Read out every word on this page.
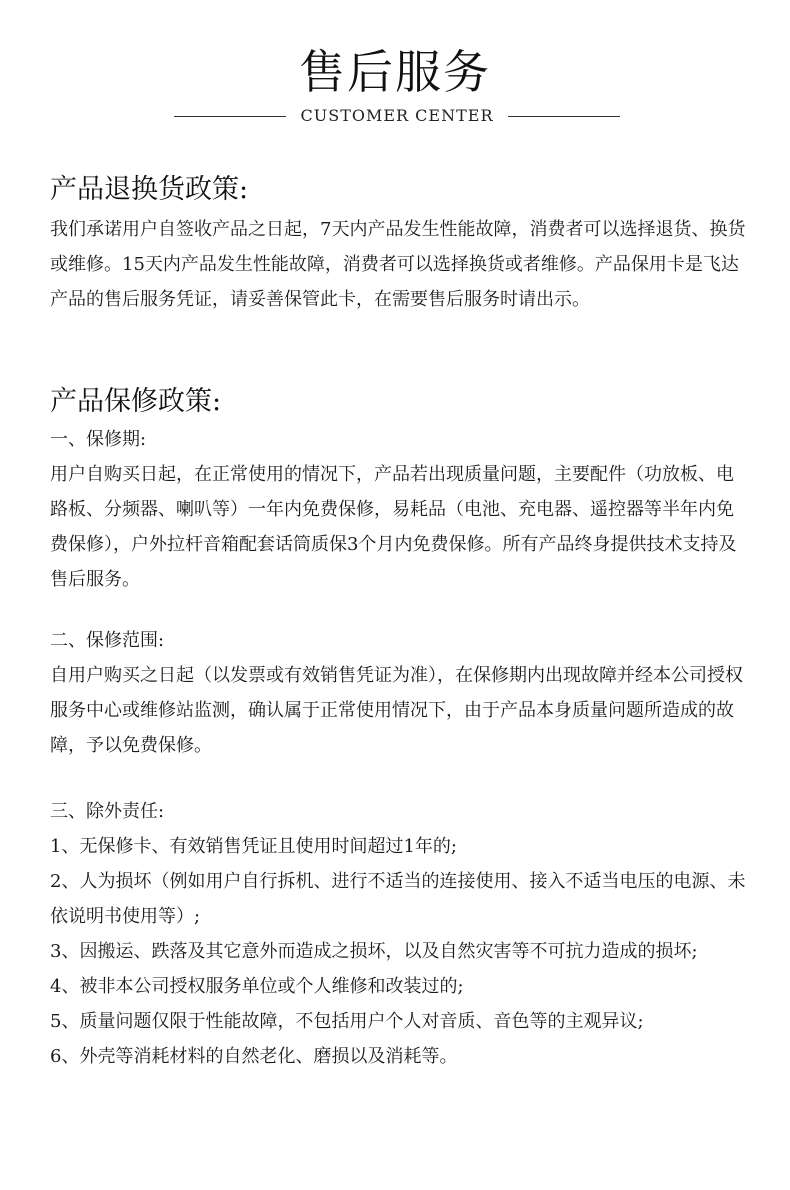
售后服务
CUSTOMER CENTER
产品退换货政策:
我们承诺用户自签收产品之日起，7天内产品发生性能故障，消费者可以选择退货、换货或维修。15天内产品发生性能故障，消费者可以选择换货或者维修。产品保用卡是飞达产品的售后服务凭证，请妥善保管此卡，在需要售后服务时请出示。
产品保修政策:
一、保修期:
用户自购买日起，在正常使用的情况下，产品若出现质量问题，主要配件（功放板、电路板、分频器、喇叭等）一年内免费保修，易耗品（电池、充电器、遥控器等半年内免费保修），户外拉杆音箱配套话筒质保3个月内免费保修。所有产品终身提供技术支持及售后服务。
二、保修范围:
自用户购买之日起（以发票或有效销售凭证为准），在保修期内出现故障并经本公司授权服务中心或维修站监测，确认属于正常使用情况下，由于产品本身质量问题所造成的故障，予以免费保修。
三、除外责任:
1、无保修卡、有效销售凭证且使用时间超过1年的;
2、人为损坏（例如用户自行拆机、进行不适当的连接使用、接入不适当电压的电源、未依说明书使用等）;
3、因搬运、跌落及其它意外而造成之损坏，以及自然灾害等不可抗力造成的损坏;
4、被非本公司授权服务单位或个人维修和改装过的;
5、质量问题仅限于性能故障，不包括用户个人对音质、音色等的主观异议;
6、外壳等消耗材料的自然老化、磨损以及消耗等。
